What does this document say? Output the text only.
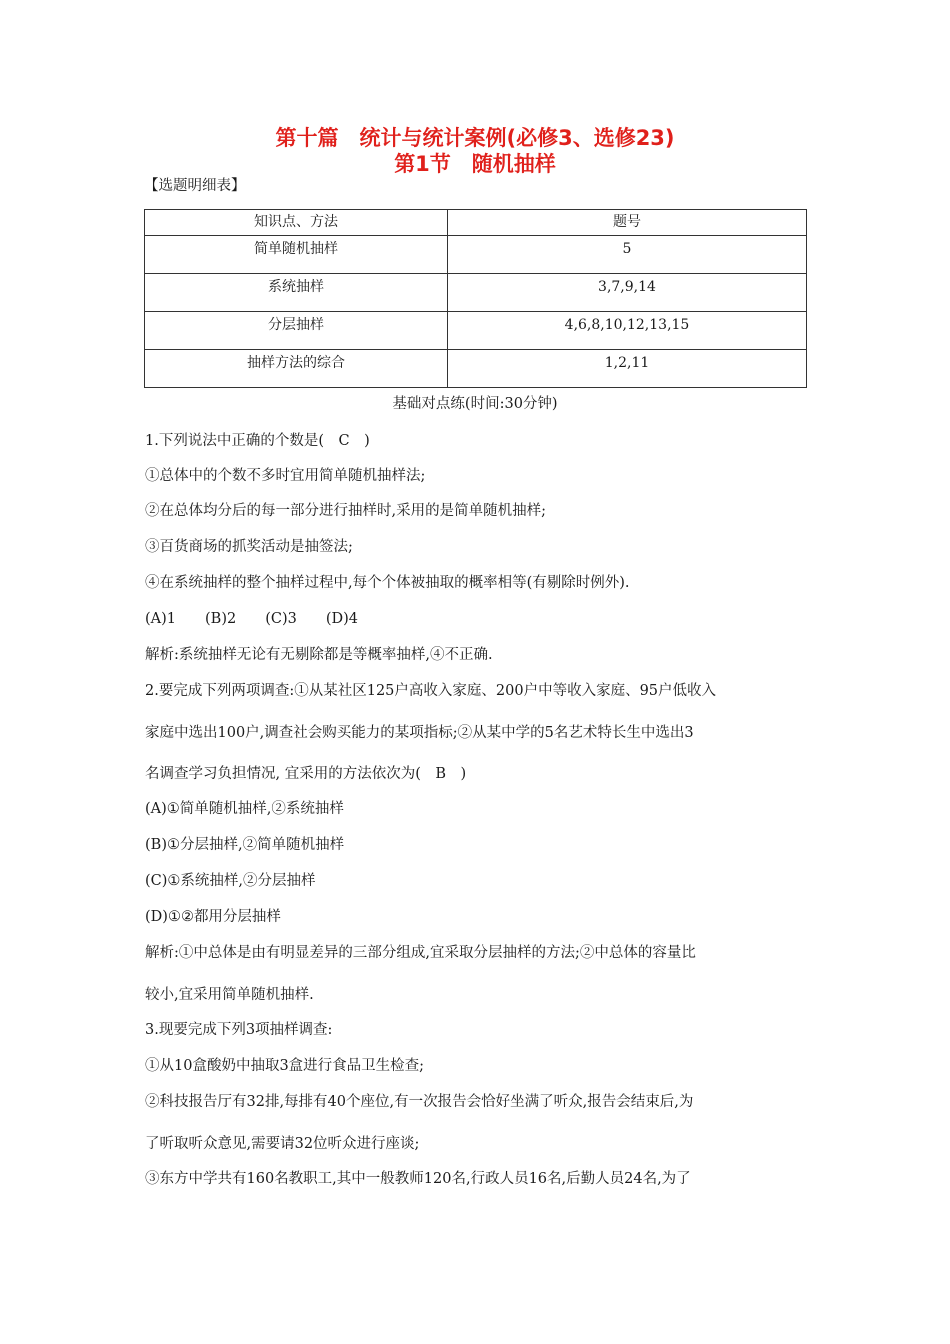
第十篇　统计与统计案例(必修3、选修23)
第1节　随机抽样
【选题明细表】
知识点、方法	题号
简单随机抽样	5
系统抽样	3,7,9,14
分层抽样	4,6,8,10,12,13,15
抽样方法的综合	1,2,11
基础对点练(时间:30分钟)
1.下列说法中正确的个数是(　C　)
①总体中的个数不多时宜用简单随机抽样法;
②在总体均分后的每一部分进行抽样时,采用的是简单随机抽样;
③百货商场的抓奖活动是抽签法;
④在系统抽样的整个抽样过程中,每个个体被抽取的概率相等(有剔除时例外).
(A)1　　(B)2　　(C)3　　(D)4
解析:系统抽样无论有无剔除都是等概率抽样,④不正确.
2.要完成下列两项调查:①从某社区125户高收入家庭、200户中等收入家庭、95户低收入
家庭中选出100户,调查社会购买能力的某项指标;②从某中学的5名艺术特长生中选出3
名调查学习负担情况, 宜采用的方法依次为(　B　)
(A)①简单随机抽样,②系统抽样
(B)①分层抽样,②简单随机抽样
(C)①系统抽样,②分层抽样
(D)①②都用分层抽样
解析:①中总体是由有明显差异的三部分组成,宜采取分层抽样的方法;②中总体的容量比
较小,宜采用简单随机抽样.
3.现要完成下列3项抽样调查:
①从10盒酸奶中抽取3盒进行食品卫生检查;
②科技报告厅有32排,每排有40个座位,有一次报告会恰好坐满了听众,报告会结束后,为
了听取听众意见,需要请32位听众进行座谈;
③东方中学共有160名教职工,其中一般教师120名,行政人员16名,后勤人员24名,为了
